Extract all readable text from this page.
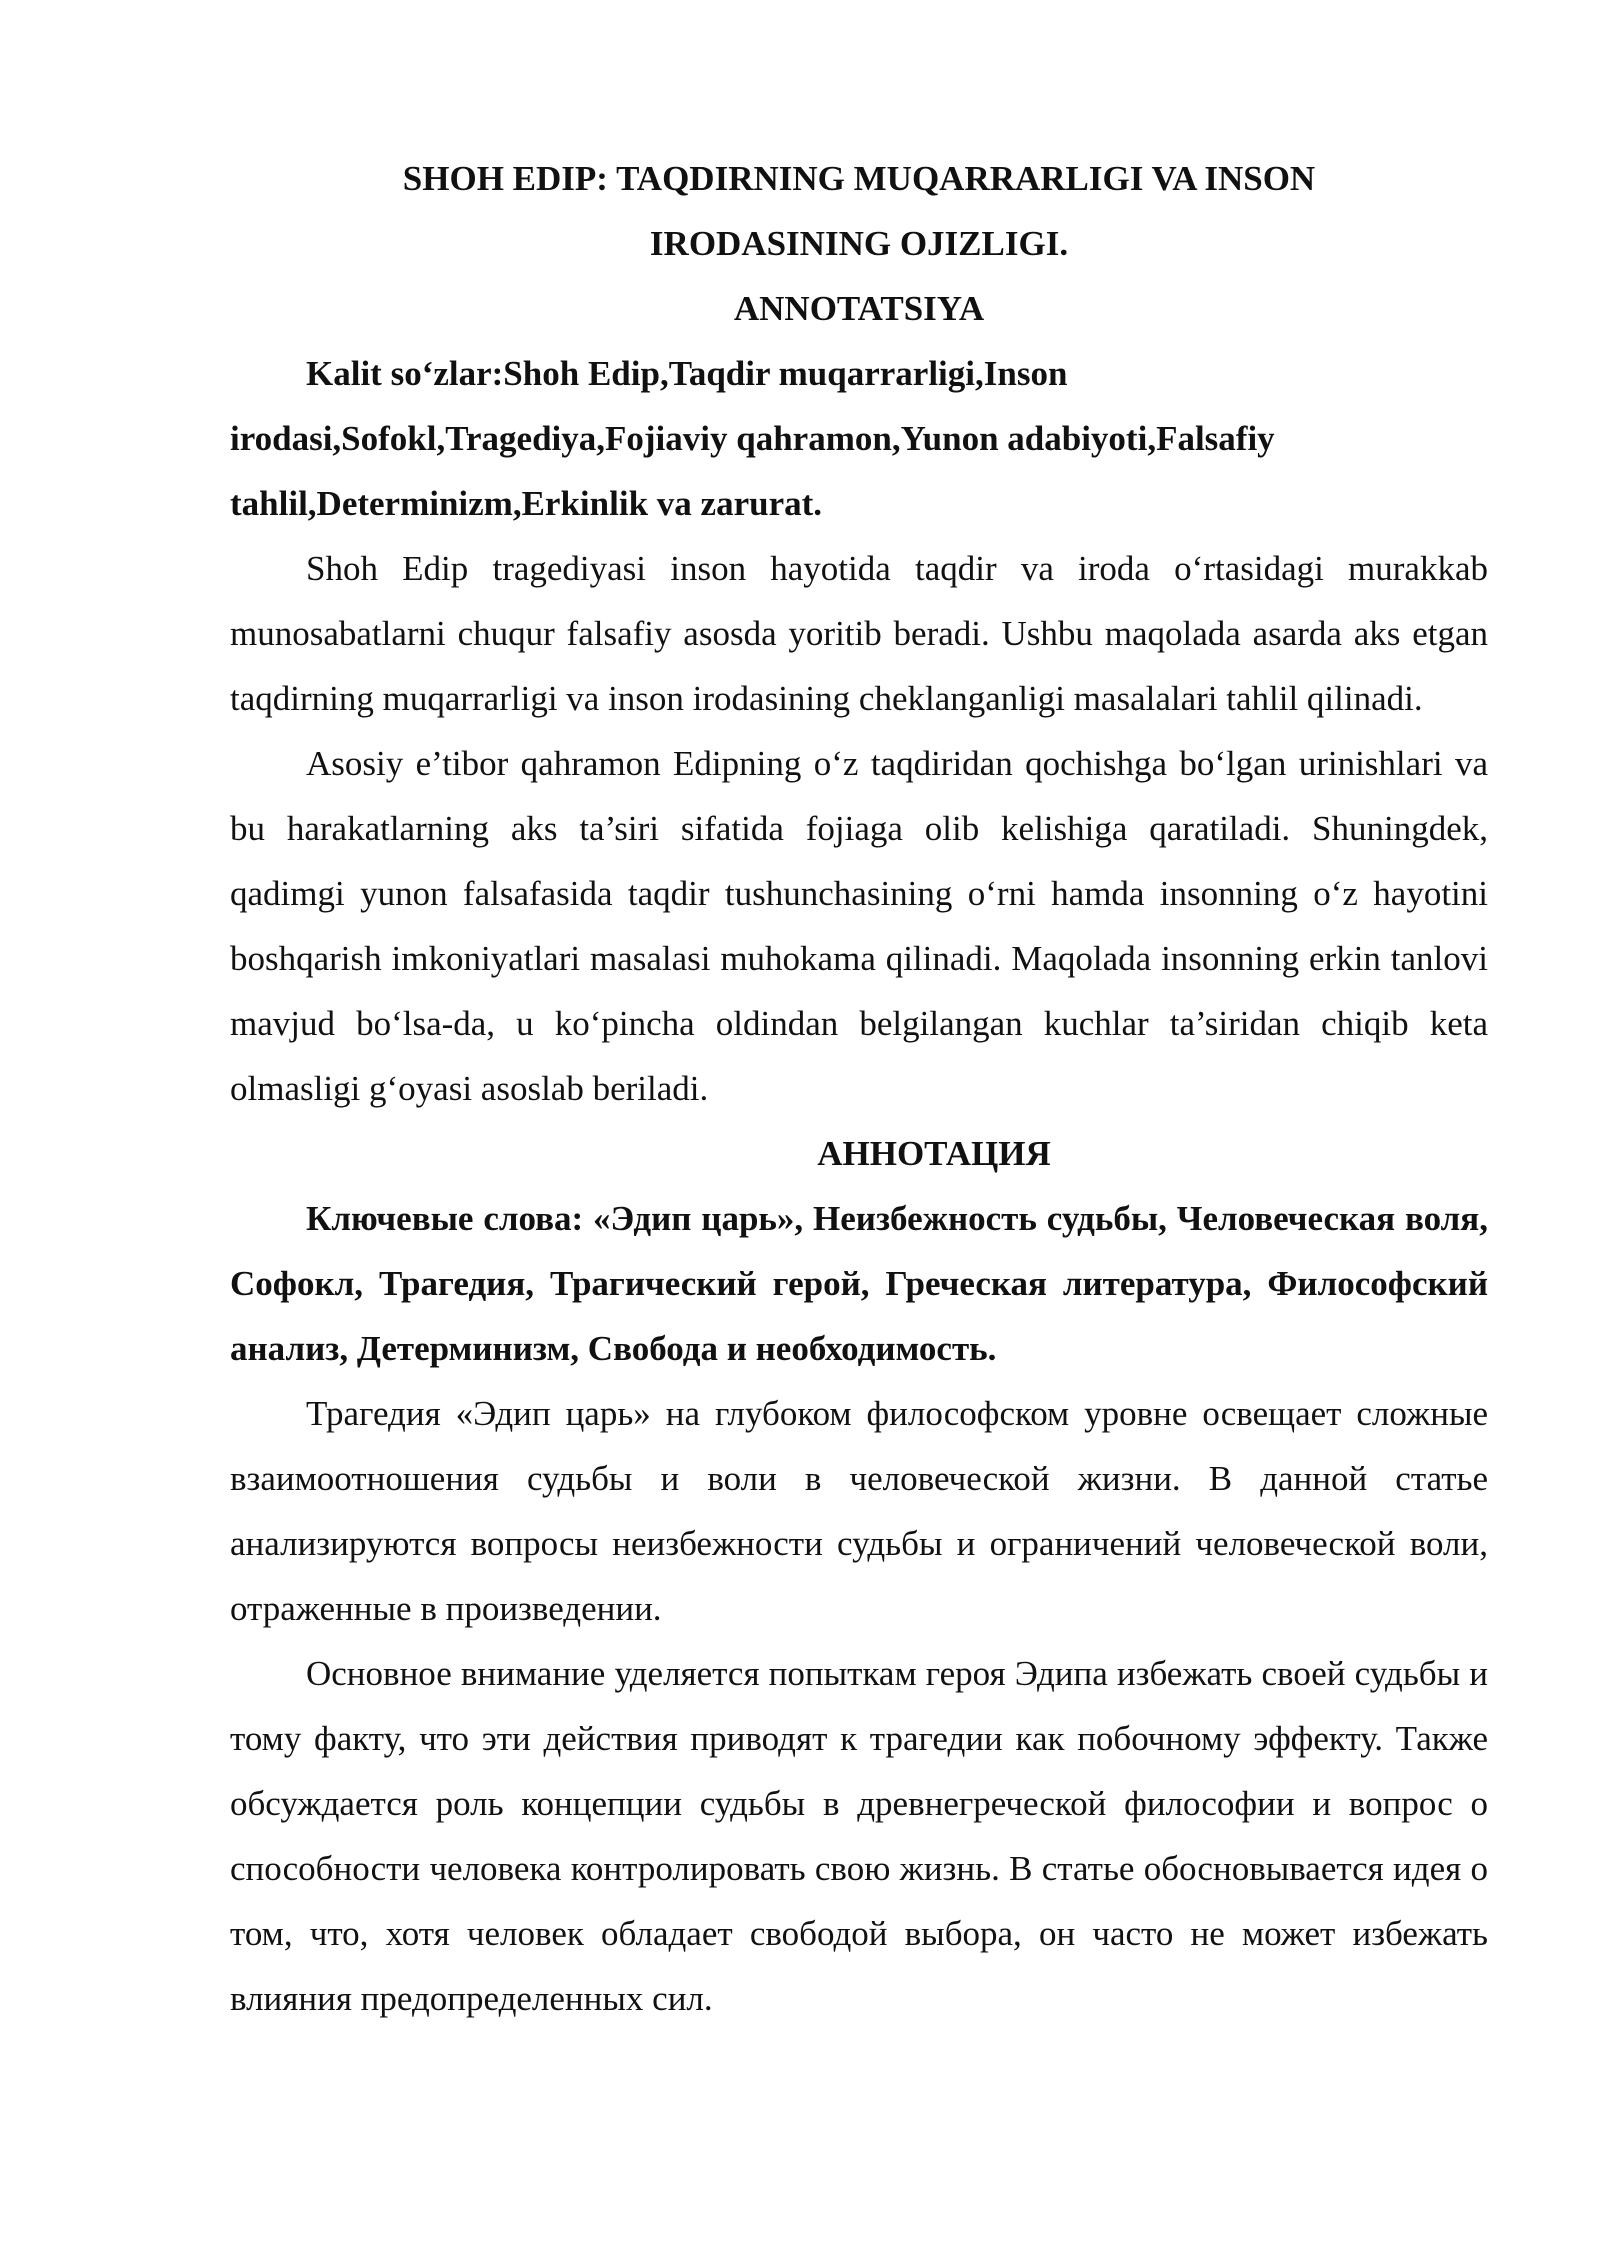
SHOH EDIP: TAQDIRNING MUQARRARLIGI VA INSON

IRODASINING OJIZLIGI.

ANNOTATSIYA

Kalit so‘zlar:Shoh Edip,Taqdir muqarrarligi,Inson irodasi,Sofokl,Tragediya,Fojiaviy qahramon,Yunon adabiyoti,Falsafiy tahlil,Determinizm,Erkinlik va zarurat.

Shoh Edip tragediyasi inson hayotida taqdir va iroda o‘rtasidagi murakkab munosabatlarni chuqur falsafiy asosda yoritib beradi. Ushbu maqolada asarda aks etgan taqdirning muqarrarligi va inson irodasining cheklanganligi masalalari tahlil qilinadi.

Asosiy e’tibor qahramon Edipning o‘z taqdiridan qochishga bo‘lgan urinishlari va bu harakatlarning aks ta’siri sifatida fojiaga olib kelishiga qaratiladi. Shuningdek, qadimgi yunon falsafasida taqdir tushunchasining o‘rni hamda insonning o‘z hayotini boshqarish imkoniyatlari masalasi muhokama qilinadi. Maqolada insonning erkin tanlovi mavjud bo‘lsa-da, u ko‘pincha oldindan belgilangan kuchlar ta’siridan chiqib keta olmasligi g‘oyasi asoslab beriladi.

АННОТАЦИЯ

Ключевые слова: «Эдип царь», Неизбежность судьбы, Человеческая воля, Софокл, Трагедия, Трагический герой, Греческая литература, Философский анализ, Детерминизм, Свобода и необходимость.

Трагедия «Эдип царь» на глубоком философском уровне освещает сложные взаимоотношения судьбы и воли в человеческой жизни. В данной статье анализируются вопросы неизбежности судьбы и ограничений человеческой воли, отраженные в произведении.

Основное внимание уделяется попыткам героя Эдипа избежать своей судьбы и тому факту, что эти действия приводят к трагедии как побочному эффекту. Также обсуждается роль концепции судьбы в древнегреческой философии и вопрос о способности человека контролировать свою жизнь. В статье обосновывается идея о том, что, хотя человек обладает свободой выбора, он часто не может избежать влияния предопределенных сил.
